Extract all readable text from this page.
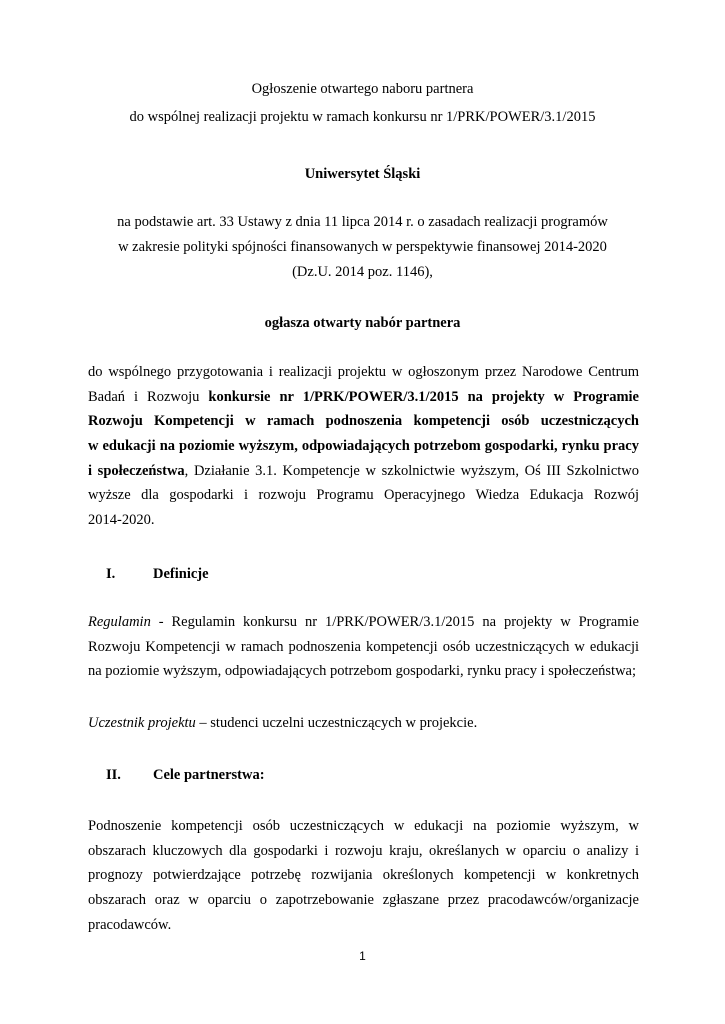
Ogłoszenie otwartego naboru partnera
do wspólnej realizacji projektu w ramach konkursu nr 1/PRK/POWER/3.1/2015
Uniwersytet Śląski
na podstawie art. 33 Ustawy z dnia 11 lipca 2014 r. o zasadach realizacji programów
w zakresie polityki spójności finansowanych w perspektywie finansowej 2014-2020
(Dz.U. 2014 poz. 1146),
ogłasza otwarty nabór partnera
do wspólnego przygotowania i realizacji projektu w ogłoszonym przez Narodowe Centrum
Badań i Rozwoju konkursie nr 1/PRK/POWER/3.1/2015 na projekty w Programie
Rozwoju Kompetencji w ramach podnoszenia kompetencji osób uczestniczących
w edukacji na poziomie wyższym, odpowiadających potrzebom gospodarki, rynku pracy
i społeczeństwa, Działanie 3.1. Kompetencje w szkolnictwie wyższym, Oś III Szkolnictwo
wyższe dla gospodarki i rozwoju Programu Operacyjnego Wiedza Edukacja Rozwój
2014-2020.
I.	Definicje
Regulamin - Regulamin konkursu nr 1/PRK/POWER/3.1/2015 na projekty w Programie
Rozwoju Kompetencji w ramach podnoszenia kompetencji osób uczestniczących w edukacji
na poziomie wyższym, odpowiadających potrzebom gospodarki, rynku pracy i społeczeństwa;
Uczestnik projektu – studenci uczelni uczestniczących w projekcie.
II. Cele partnerstwa:
Podnoszenie kompetencji osób uczestniczących w edukacji na poziomie wyższym, w
obszarach kluczowych dla gospodarki i rozwoju kraju, określanych w oparciu o analizy i
prognozy potwierdzające potrzebę rozwijania określonych kompetencji w konkretnych
obszarach oraz w oparciu o zapotrzebowanie zgłaszane przez pracodawców/organizacje
pracodawców.
1
